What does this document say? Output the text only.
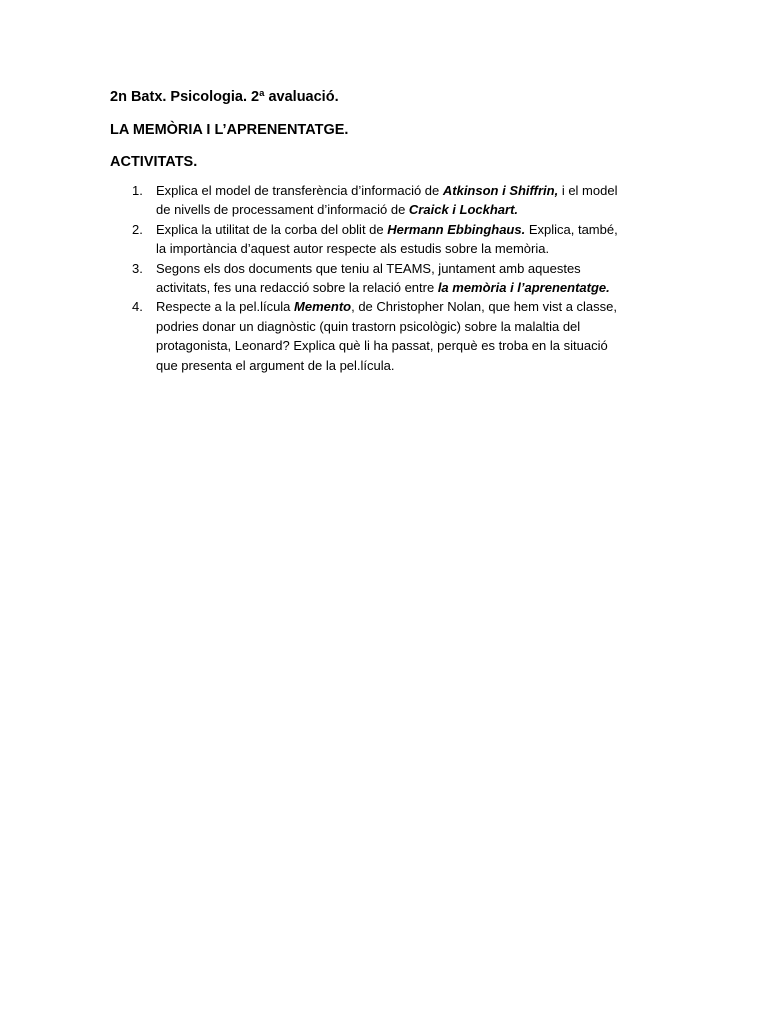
2n Batx. Psicologia. 2ª avaluació.

LA MEMÒRIA I L’APRENENTATGE.

ACTIVITATS.

1. Explica el model de transferència d’informació de Atkinson i Shiffrin, i el model
de nivells de processament d’informació de Craick i Lockhart.
2. Explica la utilitat de la corba del oblit de Hermann Ebbinghaus. Explica, també,
la importància d’aquest autor respecte als estudis sobre la memòria.
3. Segons els dos documents que teniu al TEAMS, juntament amb aquestes
activitats, fes una redacció sobre la relació entre la memòria i l’aprenentatge.
4. Respecte a la pel.lícula Memento, de Christopher Nolan, que hem vist a classe,
podries donar un diagnòstic (quin trastorn psicològic) sobre la malaltia del
protagonista, Leonard? Explica què li ha passat, perquè es troba en la situació
que presenta el argument de la pel.lícula.
